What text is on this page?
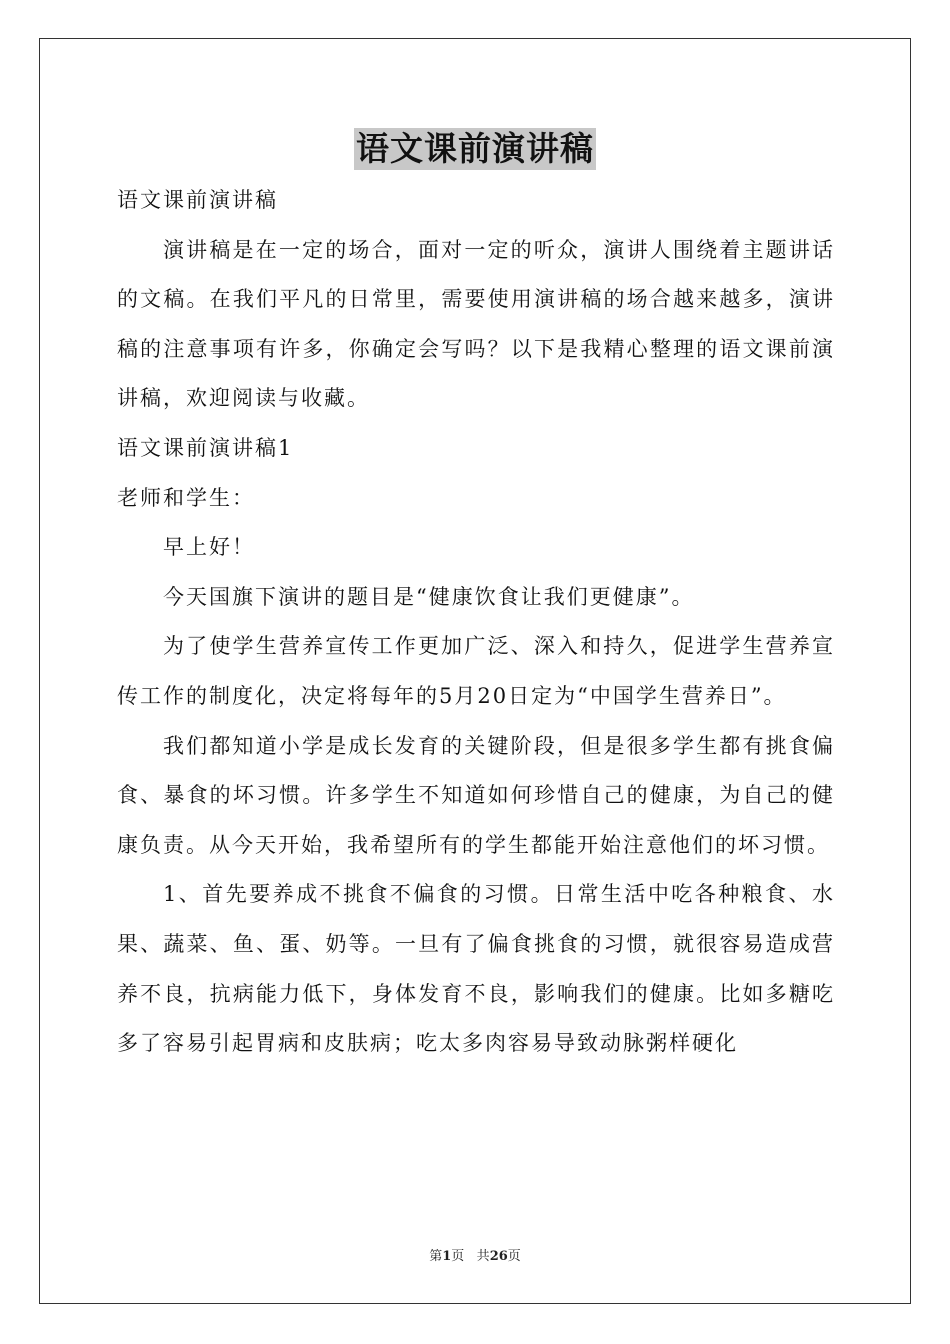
语文课前演讲稿

语文课前演讲稿

演讲稿是在一定的场合，面对一定的听众，演讲人围绕着主题讲话的文稿。在我们平凡的日常里，需要使用演讲稿的场合越来越多，演讲稿的注意事项有许多，你确定会写吗？以下是我精心整理的语文课前演讲稿，欢迎阅读与收藏。

语文课前演讲稿1

老师和学生：

早上好！

今天国旗下演讲的题目是“健康饮食让我们更健康”。

为了使学生营养宣传工作更加广泛、深入和持久，促进学生营养宣传工作的制度化，决定将每年的5月20日定为“中国学生营养日”。

我们都知道小学是成长发育的关键阶段，但是很多学生都有挑食偏食、暴食的坏习惯。许多学生不知道如何珍惜自己的健康，为自己的健康负责。从今天开始，我希望所有的学生都能开始注意他们的坏习惯。

1、首先要养成不挑食不偏食的习惯。日常生活中吃各种粮食、水果、蔬菜、鱼、蛋、奶等。一旦有了偏食挑食的习惯，就很容易造成营养不良，抗病能力低下，身体发育不良，影响我们的健康。比如多糖吃多了容易引起胃病和皮肤病；吃太多肉容易导致动脉粥样硬化

第1页 共26页
